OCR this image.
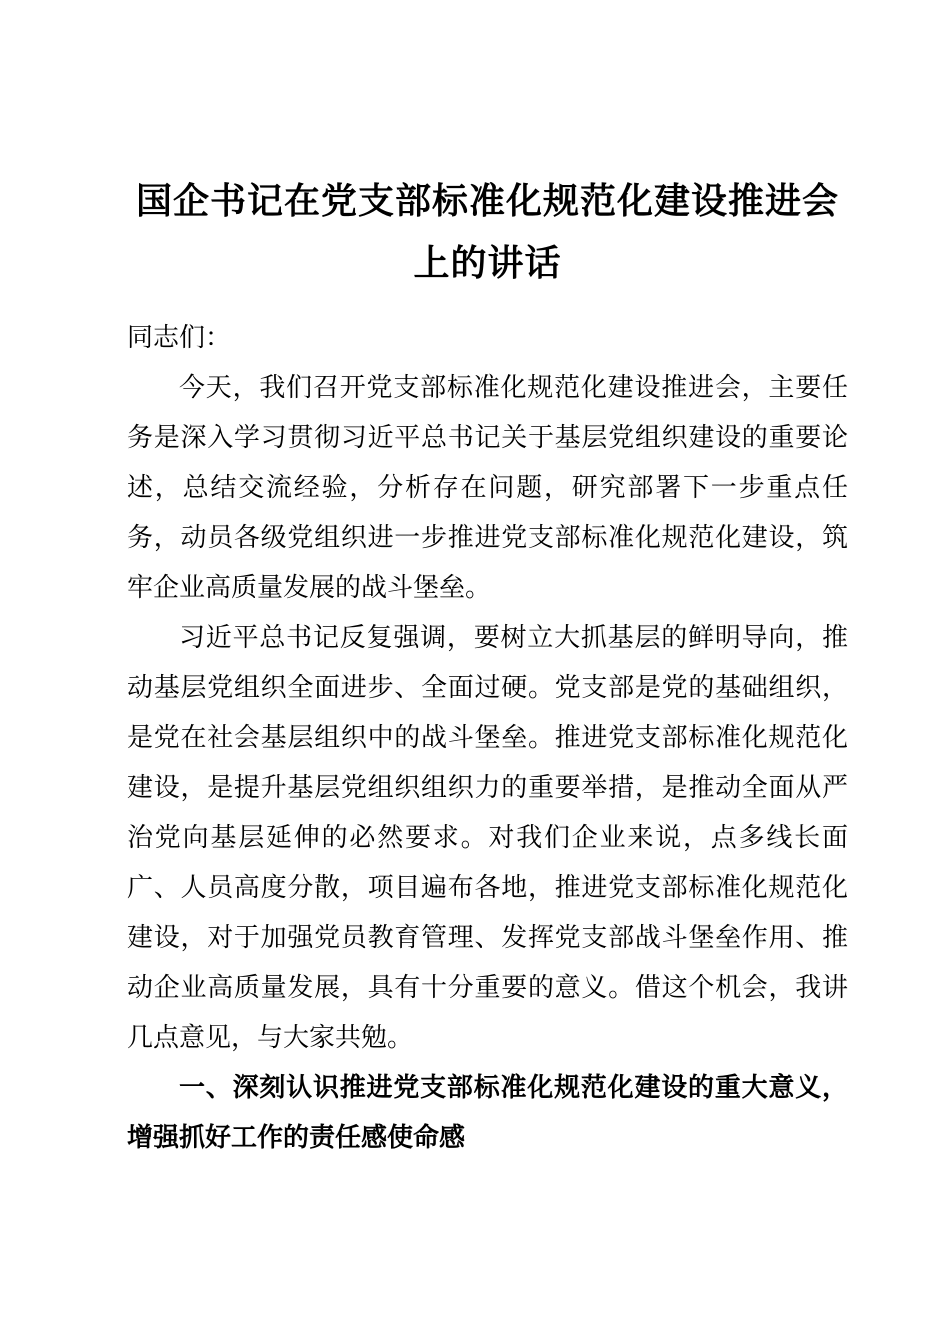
国企书记在党支部标准化规范化建设推进会上的讲话

同志们：

今天，我们召开党支部标准化规范化建设推进会，主要任务是深入学习贯彻习近平总书记关于基层党组织建设的重要论述，总结交流经验，分析存在问题，研究部署下一步重点任务，动员各级党组织进一步推进党支部标准化规范化建设，筑牢企业高质量发展的战斗堡垒。

习近平总书记反复强调，要树立大抓基层的鲜明导向，推动基层党组织全面进步、全面过硬。党支部是党的基础组织，是党在社会基层组织中的战斗堡垒。推进党支部标准化规范化建设，是提升基层党组织组织力的重要举措，是推动全面从严治党向基层延伸的必然要求。对我们企业来说，点多线长面广、人员高度分散，项目遍布各地，推进党支部标准化规范化建设，对于加强党员教育管理、发挥党支部战斗堡垒作用、推动企业高质量发展，具有十分重要的意义。借这个机会，我讲几点意见，与大家共勉。

一、深刻认识推进党支部标准化规范化建设的重大意义，增强抓好工作的责任感使命感
